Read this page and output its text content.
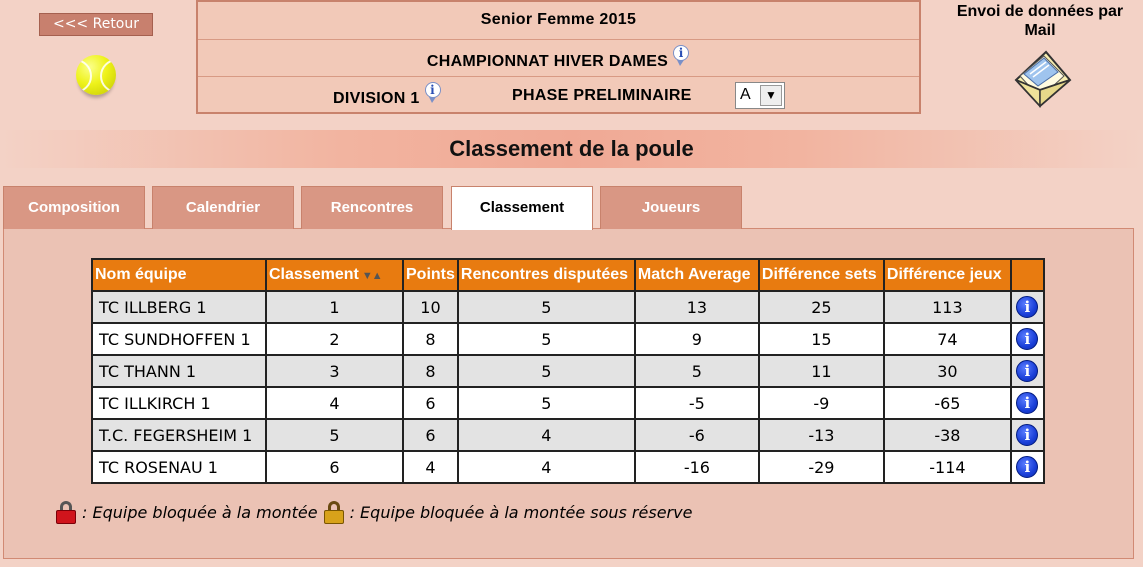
<<< Retour	Senior Femme 2015
CHAMPIONNAT HIVER DAMES i
DIVISION 1 i	PHASE PRELIMINAIRE	A	▼
Envoi de données par Mail
Classement de la poule
Composition	Calendrier	Rencontres	Classement	Joueurs
Nom équipe	Classement ▼▲	Points	Rencontres disputées	Match Average	Différence sets	Différence jeux	
TC ILLBERG 1	1	10	5	13	25	113	i
TC SUNDHOFFEN 1	2	8	5	9	15	74	i
TC THANN 1	3	8	5	5	11	30	i
TC ILLKIRCH 1	4	6	5	-5	-9	-65	i
T.C. FEGERSHEIM 1	5	6	4	-6	-13	-38	i
TC ROSENAU 1	6	4	4	-16	-29	-114	i
: Equipe bloquée à la montée : Equipe bloquée à la montée sous réserve
